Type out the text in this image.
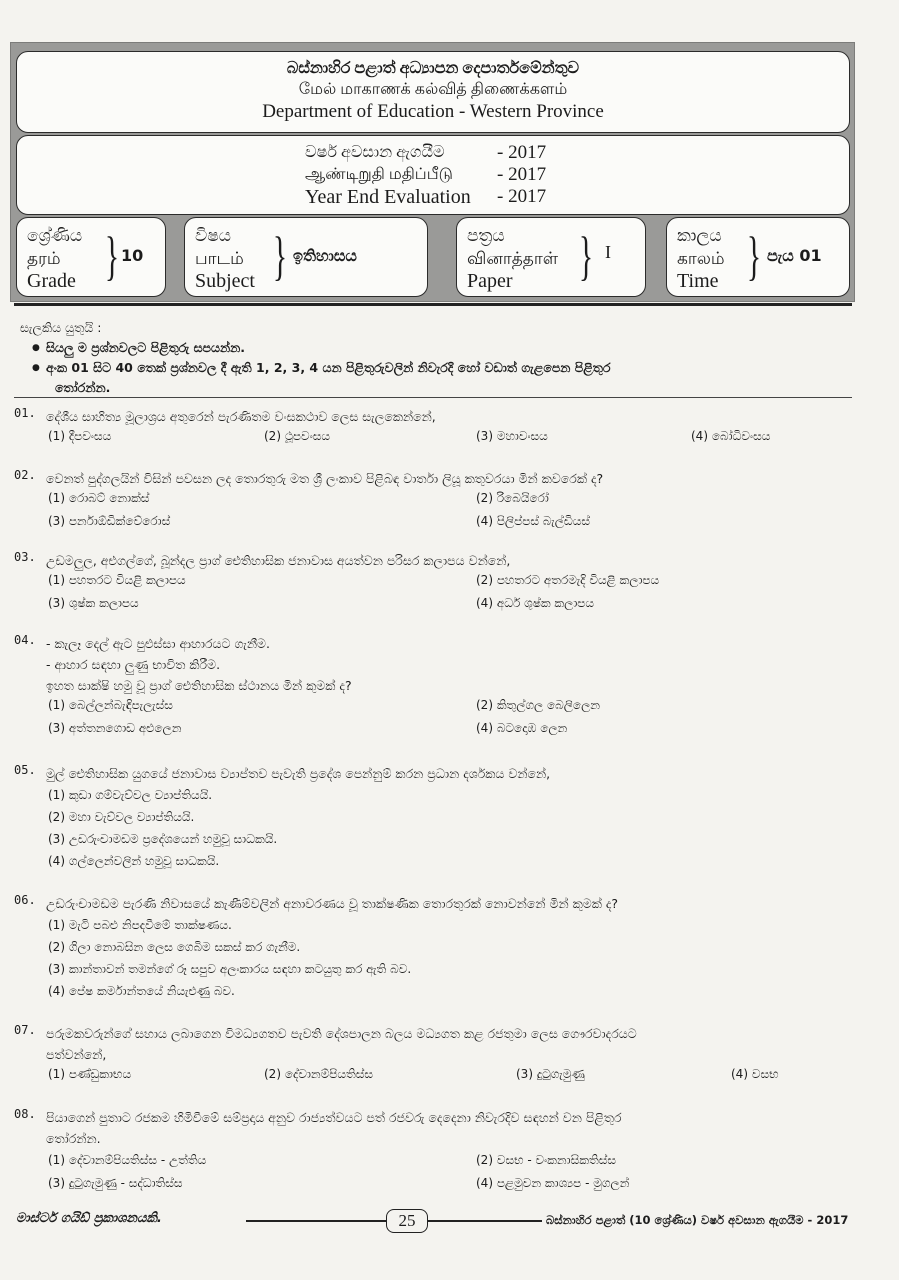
බස්නාහිර පළාත් අධ්‍යාපන දෙපාර්තමේන්තුව
மேல் மாகாணக் கல்வித் திணைக்களம்
Department of Education - Western Province
වර්ෂ අවසාන ඇගයීම	- 2017
ஆண்டிறுதி மதிப்பீடு	- 2017
Year End Evaluation	- 2017
ශ්‍රේණිය
தரம்
Grade } 10
විෂය
பாடம்
Subject } ඉතිහාසය
පත්‍රය
வினாத்தாள்
Paper	} I
කාලය
காலம்
Time } පැය 01
සැලකිය යුතුයි :
● සියලු ම ප්‍රශ්නවලට පිළිතුරු සපයන්න.
● අංක 01 සිට 40 තෙක් ප්‍රශ්නවල දී ඇති 1, 2, 3, 4 යන පිළිතුරුවලින් නිවැරදි හෝ වඩාත් ගැළපෙන පිළිතුර
තෝරන්න.
01. දේශීය සාහිත්‍ය මූලාශ්‍රය අතුරෙන් පැරණිතම වංසකථාව ලෙස සැලකෙන්නේ,
(1) දීපවංසය	(2) ථූපවංසය	(3) මහාවංසය	(4) බෝධිවංසය
02. වෙනත් පුද්ගලයින් විසින් පවසන ලද තොරතුරු මත ශ්‍රී ලංකාව පිළිබඳ වාර්තා ලියූ කතුවරයා මින් කවරෙක් ද?
(1) රොබට් නොක්ස්	(2) රිබෙයිරෝ
(3) පර්නාඕඩික්වේරොස්	(4) පිලිප්පස් බැල්ඩියස්
03. උඩමලුල, අළුගල්ගේ, බූන්දල ප්‍රාග් ඓතිහාසික ජනාවාස අයත්වන පරිසර කලාපය වන්නේ,
(1) පහතරට වියළි කලාපය	(2) පහතරට අතරමැදි වියළි කලාපය
(3) ශුෂ්ක කලාපය	(4) අර්ධ ශුෂ්ක කලාපය
04. - කැලෑ දෙල් ඇට පුළුස්සා ආහාරයට ගැනීම.
- ආහාර සඳහා ලුණු භාවිත කිරීම.
ඉහත සාක්ෂි හමු වූ ප්‍රාග් ඓතිහාසික ස්ථානය මින් කුමක් ද?
(1) බෙල්ලන්බැඳිපැලැස්ස	(2) කිතුල්ගල බෙලිලෙන
(3) අත්තනගොඩ අළුලෙන	(4) බටදොඹ ලෙන
05. මුල් ඓතිහාසික යුගයේ ජනාවාස ව්‍යාප්තව පැවැති ප්‍රදේශ පෙන්නුම් කරන ප්‍රධාන දර්ශකය වන්නේ,
(1) කුඩා ගම්වැව්වල ව්‍යාප්තියයි.
(2) මහා වැව්වල ව්‍යාප්තියයි.
(3) උඩරුංචාමඩම ප්‍රදේශයෙන් හමුවූ සාධකයි.
(4) ගල්ලෙන්වලින් හමුවූ සාධකයි.
06. උඩරුංචාමඩම පැරණි නිවාසයේ කැණීම්වලින් අනාවරණය වූ තාක්ෂණික තොරතුරක් නොවන්නේ මින් කුමක් ද?
(1) මැටි පබළු නිපදවීමේ තාක්ෂණය.
(2) ගිලා නොබසින ලෙස ගෙබිම සකස් කර ගැනීම.
(3) කාන්තාවන් තමන්ගේ රූ සපුව අලංකාරය සඳහා කටයුතු කර ඇති බව.
(4) පේෂ කර්මාන්තයේ නියැළුණු බව.
07. පරුමකවරුන්ගේ සහාය ලබාගෙන විමධ්‍යගතව පැවති දේශපාලන බලය මධ්‍යගත කළ රජතුමා ලෙස ගෞරවාදරයට
පත්වන්නේ,
(1) පණ්ඩුකාභය	(2) දේවානම්පියතිස්ස	(3) දුටුගැමුණු	(4) වසභ
08. පියාගෙන් පුතාට රජකම හිමිවීමේ සම්ප්‍රදාය අනුව රාජ්‍යත්වයට පත් රජවරු දෙදෙනා නිවැරදිව සඳහන් වන පිළිතුර
තෝරන්න.
(1) දේවානම්පියතිස්ස - උත්තිය	(2) වසභ - වංකනාසිකතිස්ස
(3) දුටුගැමුණු - සද්ධාතිස්ස	(4) පළමුවන කාශ්‍යප - මුගලන්
මාස්ටර් ගයිඩ් ප්‍රකාශනයකි.	25	බස්නාහිර පළාත් (10 ශ්‍රේණිය) වර්ෂ අවසාන ඇගයීම - 2017
